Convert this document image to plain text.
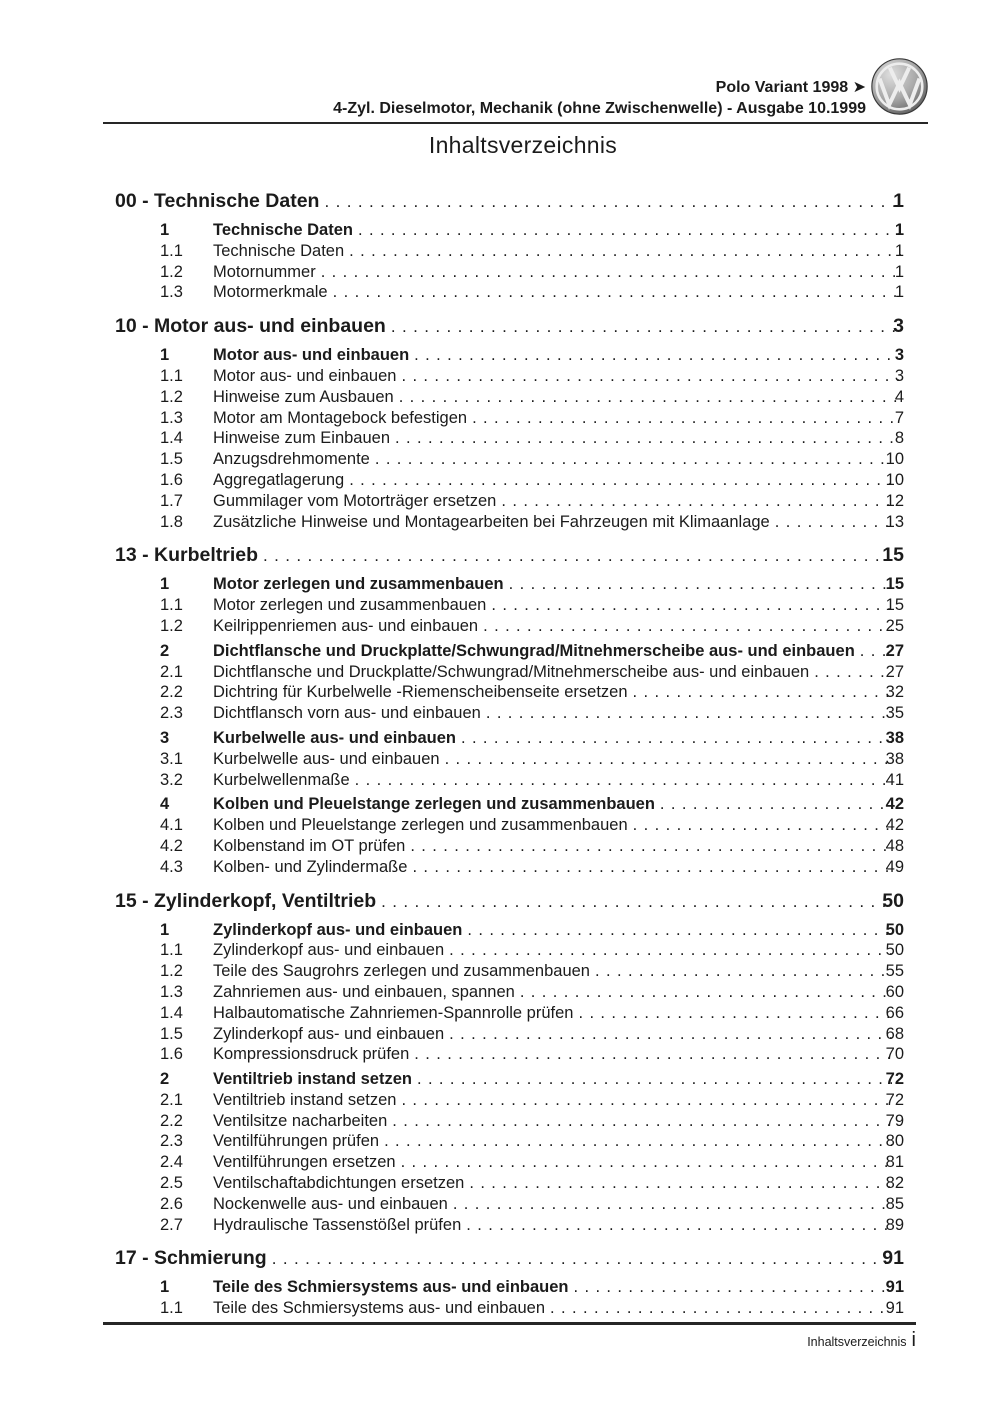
Polo Variant 1998 ➤
4-Zyl. Dieselmotor, Mechanik (ohne Zwischenwelle) - Ausgabe 10.1999
Inhaltsverzeichnis
00 - Technische Daten .....	1
1	Technische Daten .....	1
1.1	Technische Daten .....	1
1.2	Motornummer .....	1
1.3	Motormerkmale .....	1
10 - Motor aus- und einbauen .....	3
1	Motor aus- und einbauen .....	3
1.1	Motor aus- und einbauen .....	3
1.2	Hinweise zum Ausbauen .....	4
1.3	Motor am Montagebock befestigen .....	7
1.4	Hinweise zum Einbauen .....	8
1.5	Anzugsdrehmomente .....	10
1.6	Aggregatlagerung .....	10
1.7	Gummilager vom Motorträger ersetzen .....	12
1.8	Zusätzliche Hinweise und Montagearbeiten bei Fahrzeugen mit Klimaanlage .....	13
13 - Kurbeltrieb .....	15
1	Motor zerlegen und zusammenbauen .....	15
1.1	Motor zerlegen und zusammenbauen .....	15
1.2	Keilrippenriemen aus- und einbauen .....	25
2	Dichtflansche und Druckplatte/Schwungrad/Mitnehmerscheibe aus- und einbauen ..... 27
2.1	Dichtflansche und Druckplatte/Schwungrad/Mitnehmerscheibe aus- und einbauen .....	27
2.2	Dichtring für Kurbelwelle -Riemenscheibenseite ersetzen .....	32
2.3	Dichtflansch vorn aus- und einbauen .....	35
3	Kurbelwelle aus- und einbauen .....	38
3.1	Kurbelwelle aus- und einbauen .....	38
3.2	Kurbelwellenmaße .....	41
4	Kolben und Pleuelstange zerlegen und zusammenbauen .....	42
4.1	Kolben und Pleuelstange zerlegen und zusammenbauen .....	42
4.2	Kolbenstand im OT prüfen .....	48
4.3	Kolben- und Zylindermaße .....	49
15 - Zylinderkopf, Ventiltrieb .....	50
1	Zylinderkopf aus- und einbauen .....	50
1.1	Zylinderkopf aus- und einbauen .....	50
1.2	Teile des Saugrohrs zerlegen und zusammenbauen .....	55
1.3	Zahnriemen aus- und einbauen, spannen .....	60
1.4	Halbautomatische Zahnriemen-Spannrolle prüfen .....	66
1.5	Zylinderkopf aus- und einbauen .....	68
1.6	Kompressionsdruck prüfen .....	70
2	Ventiltrieb instand setzen .....	72
2.1	Ventiltrieb instand setzen .....	72
2.2	Ventilsitze nacharbeiten .....	79
2.3	Ventilführungen prüfen .....	80
2.4	Ventilführungen ersetzen .....	81
2.5	Ventilschaftabdichtungen ersetzen .....	82
2.6	Nockenwelle aus- und einbauen .....	85
2.7	Hydraulische Tassenstößel prüfen .....	89
17 - Schmierung .....	91
1	Teile des Schmiersystems aus- und einbauen .....	91
1.1	Teile des Schmiersystems aus- und einbauen .....	91
Inhaltsverzeichnis i
